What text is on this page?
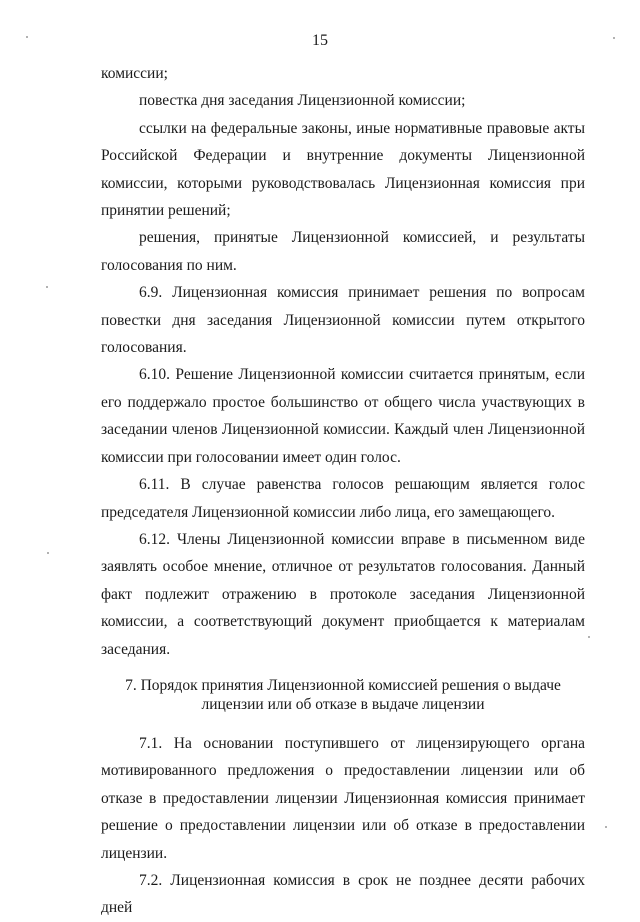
15

комиссии;

повестка дня заседания Лицензионной комиссии;

ссылки на федеральные законы, иные нормативные правовые акты Российской Федерации и внутренние документы Лицензионной комиссии, которыми руководствовалась Лицензионная комиссия при принятии решений;

решения, принятые Лицензионной комиссией, и результаты голосования по ним.

6.9. Лицензионная комиссия принимает решения по вопросам повестки дня заседания Лицензионной комиссии путем открытого голосования.

6.10. Решение Лицензионной комиссии считается принятым, если его поддержало простое большинство от общего числа участвующих в заседании членов Лицензионной комиссии. Каждый член Лицензионной комиссии при голосовании имеет один голос.

6.11. В случае равенства голосов решающим является голос председателя Лицензионной комиссии либо лица, его замещающего.

6.12. Члены Лицензионной комиссии вправе в письменном виде заявлять особое мнение, отличное от результатов голосования. Данный факт подлежит отражению в протоколе заседания Лицензионной комиссии, а соответствующий документ приобщается к материалам заседания.

7. Порядок принятия Лицензионной комиссией решения о выдаче
лицензии или об отказе в выдаче лицензии

7.1. На основании поступившего от лицензирующего органа мотивированного предложения о предоставлении лицензии или об отказе в предоставлении лицензии Лицензионная комиссия принимает решение о предоставлении лицензии или об отказе в предоставлении лицензии.

7.2. Лицензионная комиссия в срок не позднее десяти рабочих дней
